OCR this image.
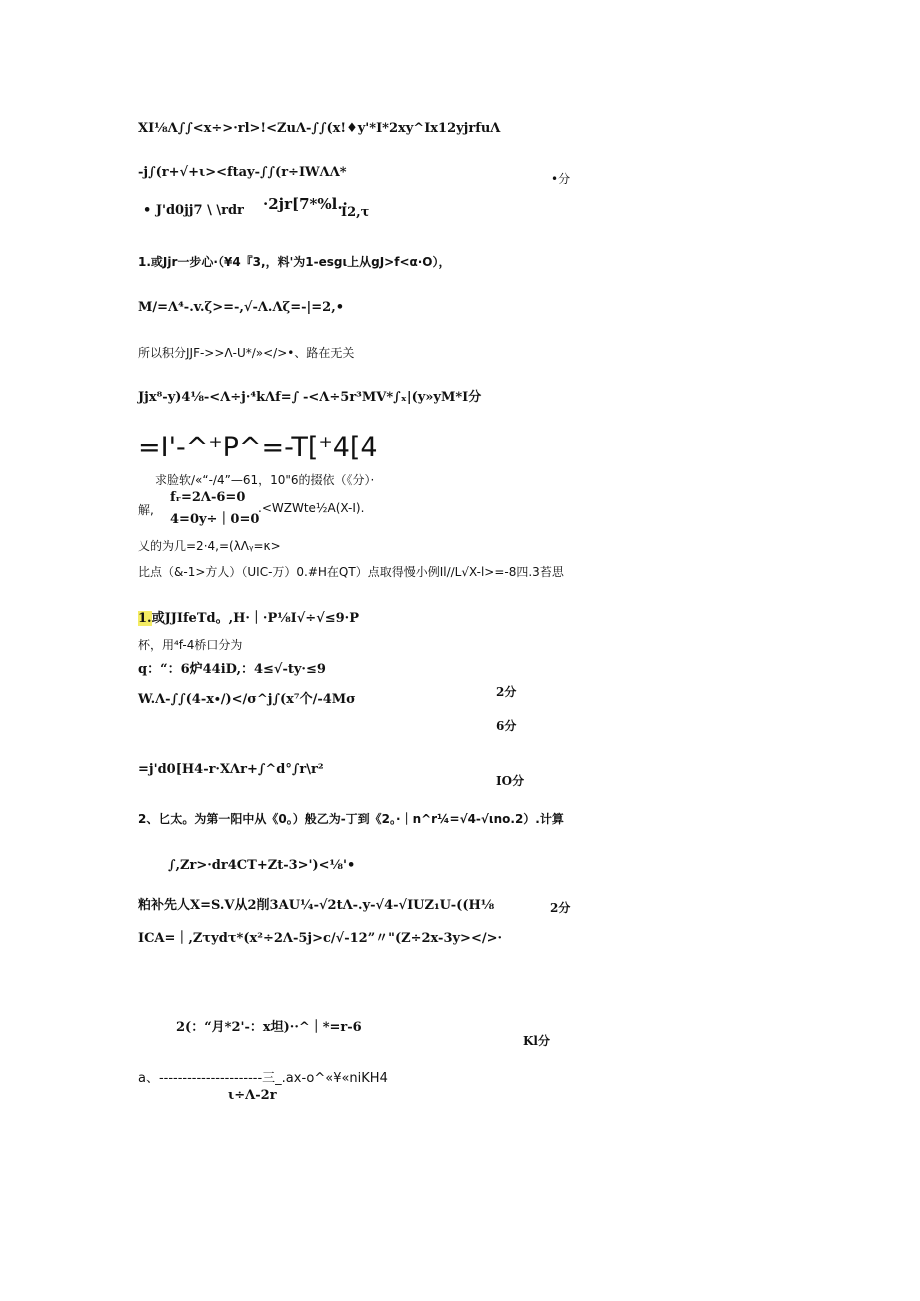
XI⅛Λ∫∫<x÷>·rl>!<ZuΛ-∫∫(x!♦y'*I*2xy^Ix12yjrfuΛ
-j∫(r+√+ι><ftay-∫∫(r÷IWΛΛ*	•分
• J'd0jj7 \ \rdr ·2jr[7*%l.·
I2,τ
1.或Jjr一步心·（¥4『3,，料'为1-esgι上从gJ>f<α·O），
M∕=Λ⁴-.v.ζ>=-,√-Λ.Λζ=-|=2,•
所以积分JJF->>Λ-U*∕»</>•、路在无关
Jjx⁸-y)4⅛-<Λ÷j·⁴kΛf=∫ -<Λ÷5r³MV*∫ₓ|(y»yM*I分
=I'-^⁺P^=-T[⁺4[4
求脸软∕«“-∕4”—61，10"6的掇依（《分）·
解,
fᵣ=2Λ-6=0
4=0y÷｜0=0
.<WZWte½A(X-I).
乂的为几=2·4,=(λΛᵧ=κ>
比点（&-1>方人）（UIC-万）0.#H在QT）点取得慢小例Il∕∕L√X-l>=-8四.3苔思
1.或JJIfeTd。,H·｜·P⅛I√÷√≤9·P
杯，用⁴f-4桥口分为
q：“：6炉44iD,：4≤√-ty·≤9
W.Λ-∫∫(4-x∙∕)<∕σ^j∫(x⁷个∕-4Mσ	2分
6分
=j'd0[H4-r·XΛr+∫^d°∫r\r²
IO分
2、匕太。为第一阳中从《0。）般乙为-丁到《2。·｜n^r¼=√4-√ιno.2）.计算
∫,Zr>·dr4CT+Zt-3>')<⅛'•
粕补先人X=S.V从2削3AU¼-√2tΛ-.y-√4-√IUZ₁U-((H⅛	2分
ICA=｜,Zτydτ*(x²÷2Λ-5j>c∕√-12”〃"(Z÷2x-3y><∕>·
2(：“月*2'-：x坦)··^｜*=r-6
Kl分
a、----------------------三_.ax-o^«¥«niKH4
ι÷Λ-2r
